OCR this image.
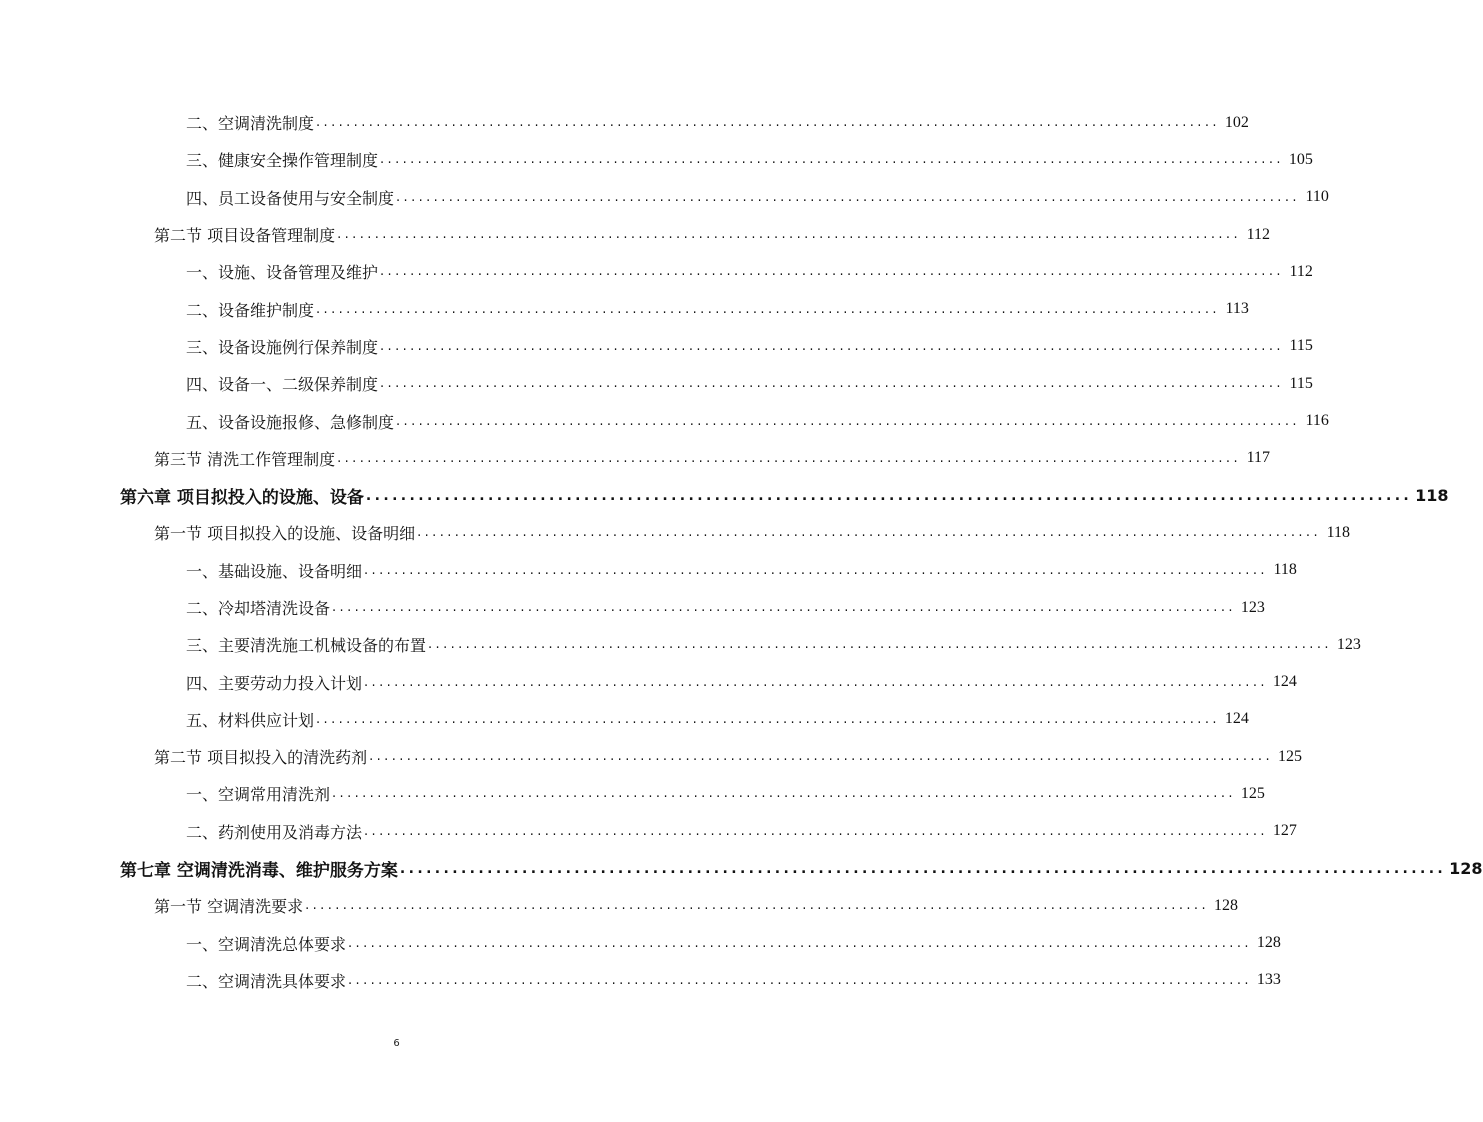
二、空调清洗制度 ........................................................................................................................ 102
三、健康安全操作管理制度 ........................................................................................................................ 105
四、员工设备使用与安全制度 ........................................................................................................................ 110
第二节 项目设备管理制度 ........................................................................................................................ 112
一、设施、设备管理及维护 ........................................................................................................................ 112
二、设备维护制度 ........................................................................................................................ 113
三、设备设施例行保养制度 ........................................................................................................................ 115
四、设备一、二级保养制度 ........................................................................................................................ 115
五、设备设施报修、急修制度 ........................................................................................................................ 116
第三节 清洗工作管理制度 ........................................................................................................................ 117
第六章 项目拟投入的设施、设备 ........................................................................................................................ 118
第一节 项目拟投入的设施、设备明细 ........................................................................................................................ 118
一、基础设施、设备明细 ........................................................................................................................ 118
二、冷却塔清洗设备 ........................................................................................................................ 123
三、主要清洗施工机械设备的布置 ........................................................................................................................ 123
四、主要劳动力投入计划 ........................................................................................................................ 124
五、材料供应计划 ........................................................................................................................ 124
第二节 项目拟投入的清洗药剂 ........................................................................................................................ 125
一、空调常用清洗剂 ........................................................................................................................ 125
二、药剂使用及消毒方法 ........................................................................................................................ 127
第七章 空调清洗消毒、维护服务方案 ........................................................................................................................ 128
第一节 空调清洗要求 ........................................................................................................................ 128
一、空调清洗总体要求 ........................................................................................................................ 128
二、空调清洗具体要求 ........................................................................................................................ 133
6
